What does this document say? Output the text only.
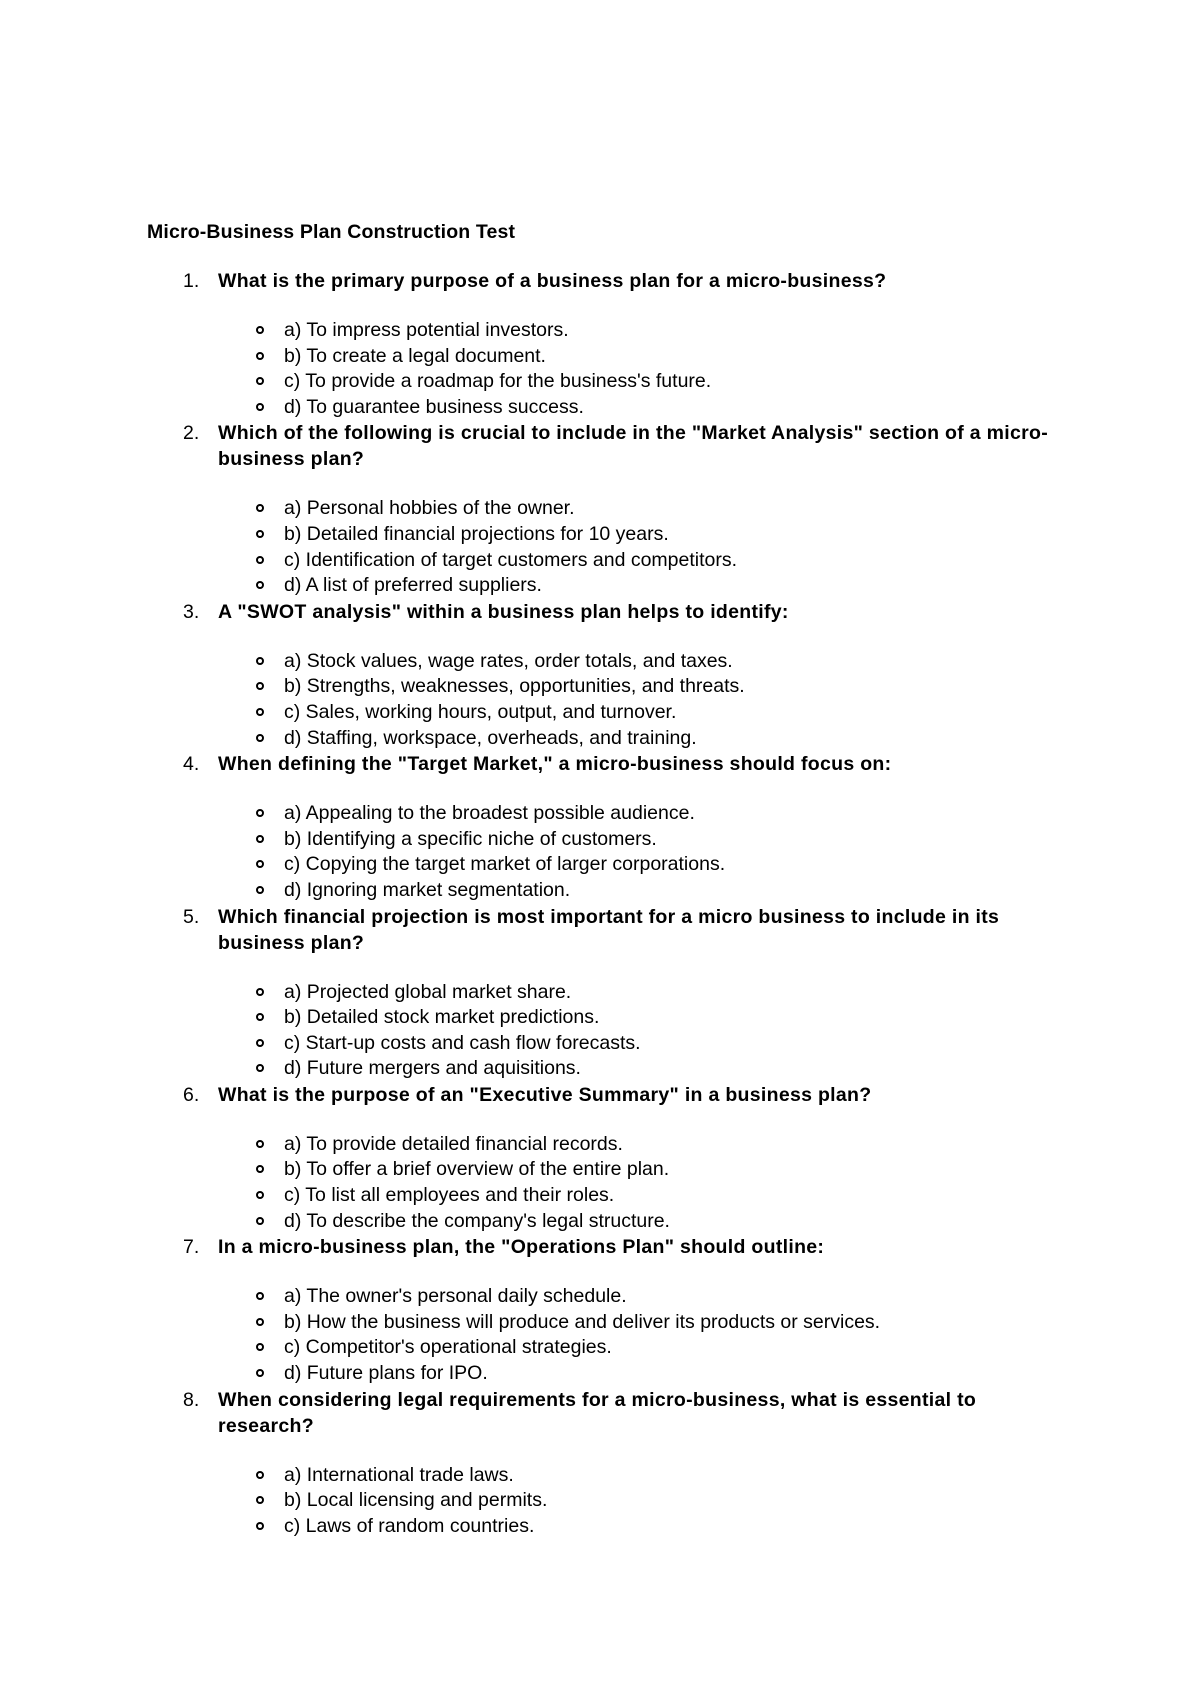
Micro-Business Plan Construction Test
1. What is the primary purpose of a business plan for a micro-business?
a) To impress potential investors.
b) To create a legal document.
c) To provide a roadmap for the business's future.
d) To guarantee business success.
2. Which of the following is crucial to include in the "Market Analysis" section of a micro-business plan?
a) Personal hobbies of the owner.
b) Detailed financial projections for 10 years.
c) Identification of target customers and competitors.
d) A list of preferred suppliers.
3. A "SWOT analysis" within a business plan helps to identify:
a) Stock values, wage rates, order totals, and taxes.
b) Strengths, weaknesses, opportunities, and threats.
c) Sales, working hours, output, and turnover.
d) Staffing, workspace, overheads, and training.
4. When defining the "Target Market," a micro-business should focus on:
a) Appealing to the broadest possible audience.
b) Identifying a specific niche of customers.
c) Copying the target market of larger corporations.
d) Ignoring market segmentation.
5. Which financial projection is most important for a micro business to include in its business plan?
a) Projected global market share.
b) Detailed stock market predictions.
c) Start-up costs and cash flow forecasts.
d) Future mergers and aquisitions.
6. What is the purpose of an "Executive Summary" in a business plan?
a) To provide detailed financial records.
b) To offer a brief overview of the entire plan.
c) To list all employees and their roles.
d) To describe the company's legal structure.
7. In a micro-business plan, the "Operations Plan" should outline:
a) The owner's personal daily schedule.
b) How the business will produce and deliver its products or services.
c) Competitor's operational strategies.
d) Future plans for IPO.
8. When considering legal requirements for a micro-business, what is essential to research?
a) International trade laws.
b) Local licensing and permits.
c) Laws of random countries.
